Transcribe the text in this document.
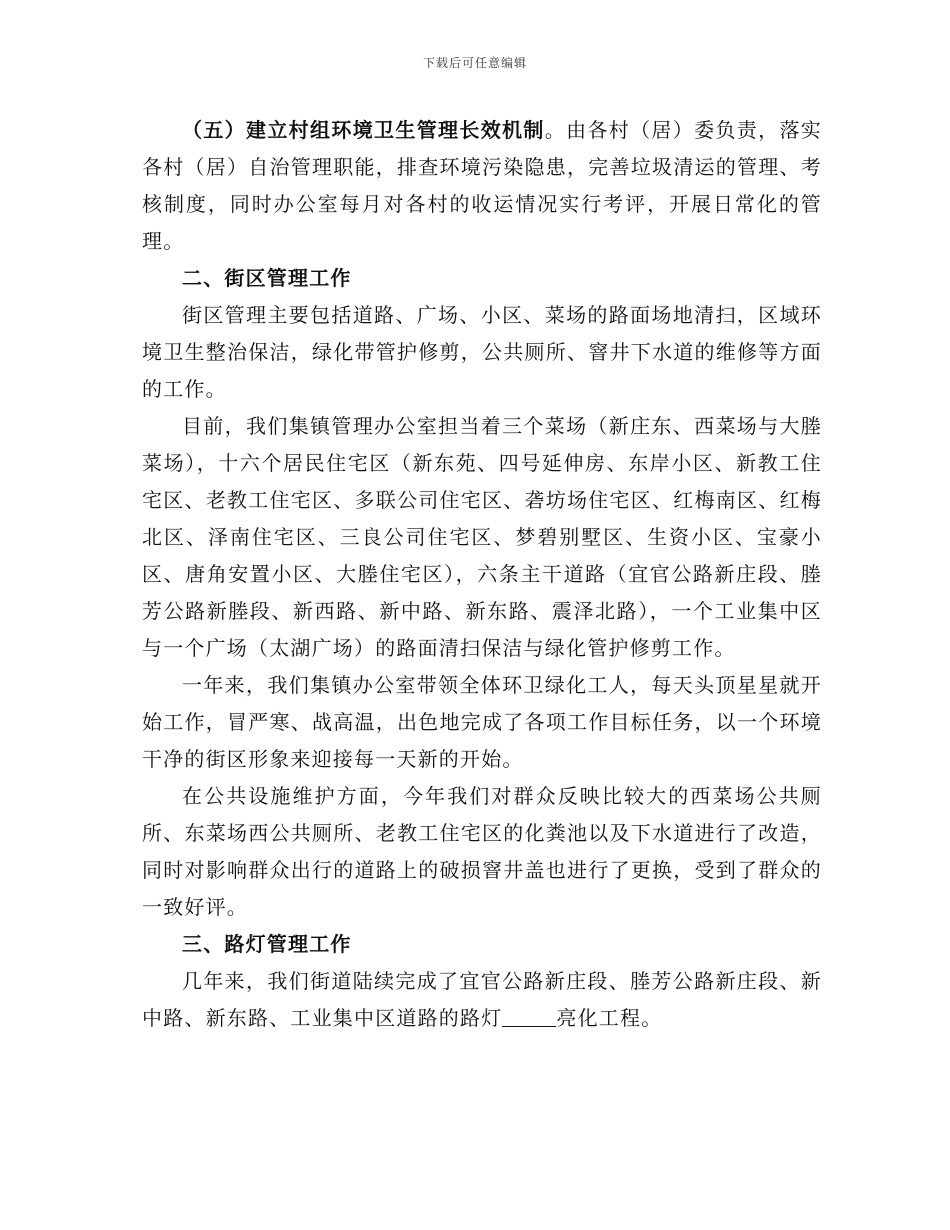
下载后可任意编辑

（五）建立村组环境卫生管理长效机制。由各村（居）委负责，落实各村（居）自治管理职能，排查环境污染隐患，完善垃圾清运的管理、考核制度，同时办公室每月对各村的收运情况实行考评，开展日常化的管理。

二、街区管理工作

街区管理主要包括道路、广场、小区、菜场的路面场地清扫，区域环境卫生整治保洁，绿化带管护修剪，公共厕所、窨井下水道的维修等方面的工作。

目前，我们集镇管理办公室担当着三个菜场（新庄东、西菜场与大塍菜场），十六个居民住宅区（新东苑、四号延伸房、东岸小区、新教工住宅区、老教工住宅区、多联公司住宅区、砻坊场住宅区、红梅南区、红梅北区、泽南住宅区、三良公司住宅区、梦碧别墅区、生资小区、宝豪小区、唐角安置小区、大塍住宅区），六条主干道路（宜官公路新庄段、塍芳公路新塍段、新西路、新中路、新东路、震泽北路），一个工业集中区与一个广场（太湖广场）的路面清扫保洁与绿化管护修剪工作。

一年来，我们集镇办公室带领全体环卫绿化工人，每天头顶星星就开始工作，冒严寒、战高温，出色地完成了各项工作目标任务，以一个环境干净的街区形象来迎接每一天新的开始。

在公共设施维护方面，今年我们对群众反映比较大的西菜场公共厕所、东菜场西公共厕所、老教工住宅区的化粪池以及下水道进行了改造，同时对影响群众出行的道路上的破损窨井盖也进行了更换，受到了群众的一致好评。

三、路灯管理工作

几年来，我们街道陆续完成了宜官公路新庄段、塍芳公路新庄段、新中路、新东路、工业集中区道路的路灯	亮化工程。
